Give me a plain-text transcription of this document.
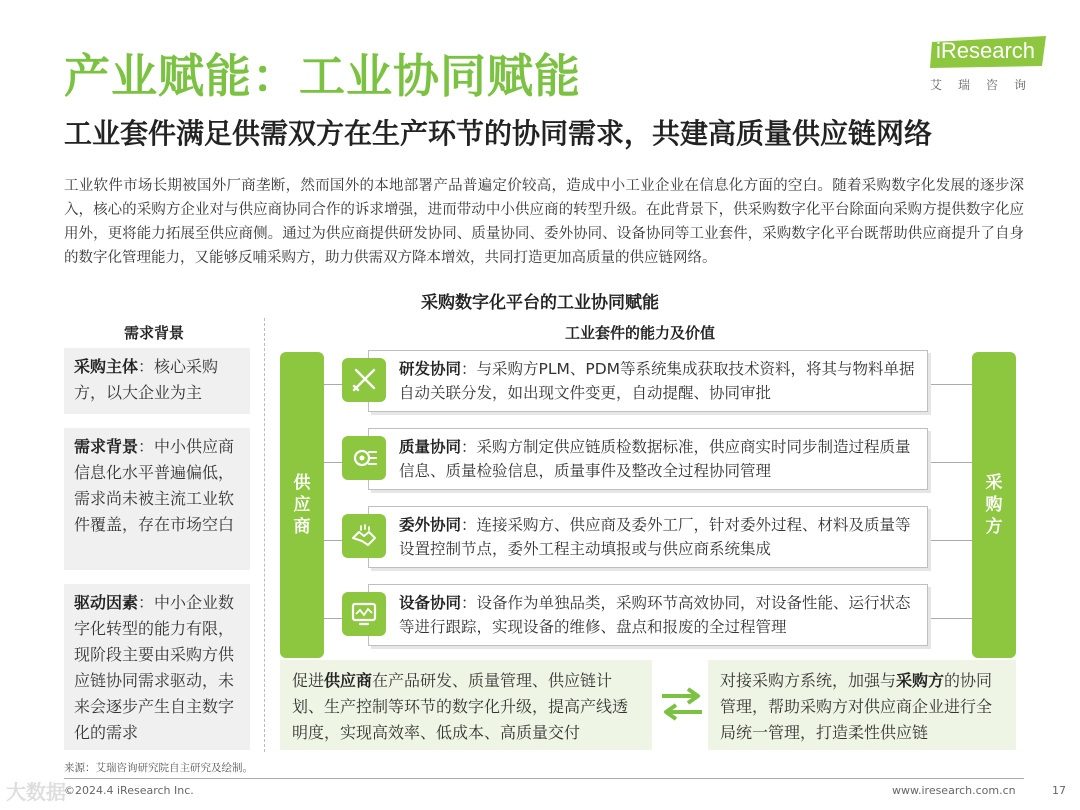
产业赋能：工业协同赋能
工业套件满足供需双方在生产环节的协同需求，共建高质量供应链网络
iResearch
艾瑞咨询
工业软件市场长期被国外厂商垄断，然而国外的本地部署产品普遍定价较高，造成中小工业企业在信息化方面的空白。随着采购数字化发展的逐步深入，核心的采购方企业对与供应商协同合作的诉求增强，进而带动中小供应商的转型升级。在此背景下，供采购数字化平台除面向采购方提供数字化应用外，更将能力拓展至供应商侧。通过为供应商提供研发协同、质量协同、委外协同、设备协同等工业套件，采购数字化平台既帮助供应商提升了自身的数字化管理能力，又能够反哺采购方，助力供需双方降本增效，共同打造更加高质量的供应链网络。
采购数字化平台的工业协同赋能
需求背景	工业套件的能力及价值
采购主体：核心采购方，以大企业为主
需求背景：中小供应商信息化水平普遍偏低，需求尚未被主流工业软件覆盖，存在市场空白
驱动因素：中小企业数字化转型的能力有限，现阶段主要由采购方供应链协同需求驱动，未来会逐步产生自主数字化的需求
供
应
商
采
购
方
研发协同：与采购方PLM、PDM等系统集成获取技术资料，将其与物料单据自动关联分发，如出现文件变更，自动提醒、协同审批
质量协同：采购方制定供应链质检数据标准，供应商实时同步制造过程质量信息、质量检验信息，质量事件及整改全过程协同管理
委外协同：连接采购方、供应商及委外工厂，针对委外过程、材料及质量等设置控制节点，委外工程主动填报或与供应商系统集成
设备协同：设备作为单独品类，采购环节高效协同，对设备性能、运行状态等进行跟踪，实现设备的维修、盘点和报废的全过程管理
促进供应商在产品研发、质量管理、供应链计划、生产控制等环节的数字化升级，提高产线透明度，实现高效率、低成本、高质量交付
对接采购方系统，加强与采购方的协同管理，帮助采购方对供应商企业进行全局统一管理，打造柔性供应链
来源：艾瑞咨询研究院自主研究及绘制。
大数据
©2024.4 iResearch Inc.	www.iresearch.com.cn	17
